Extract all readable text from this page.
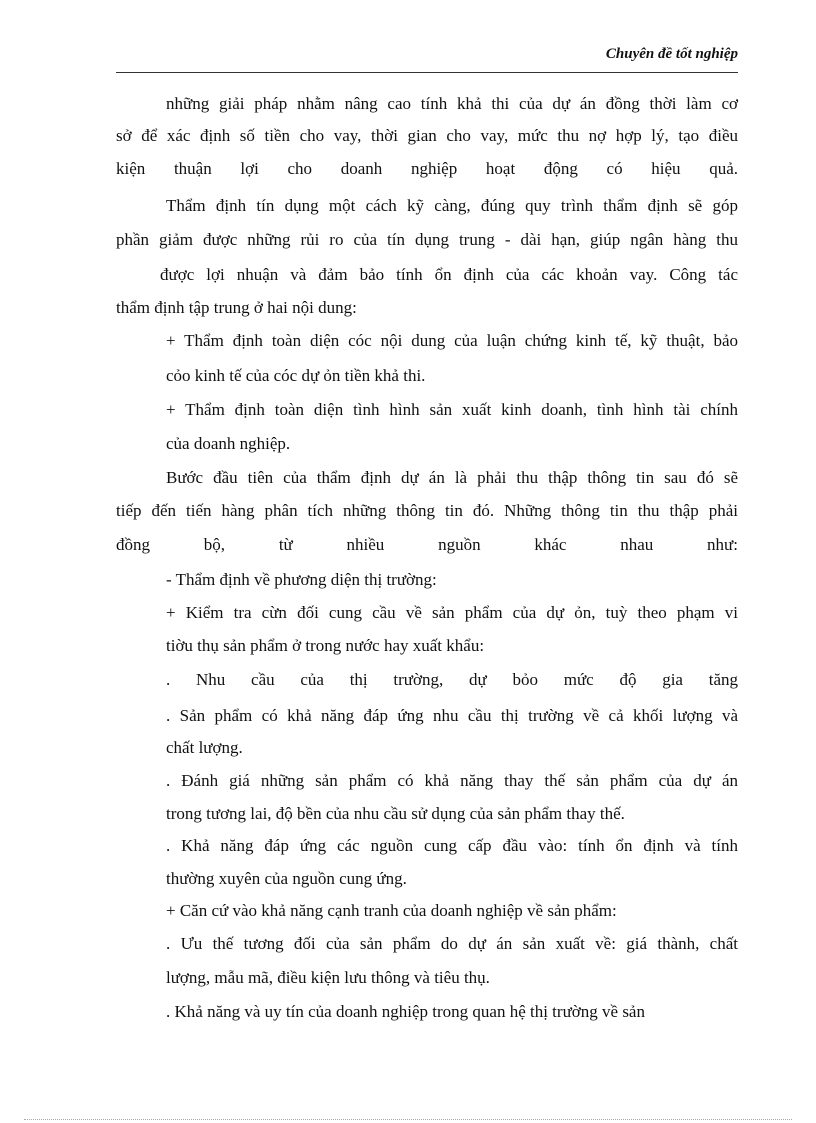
Chuyên đề tốt nghiệp
những giải pháp nhằm nâng cao tính khả thi của dự án đồng thời làm cơ
sở để xác định số tiền cho vay, thời gian cho vay, mức thu nợ hợp lý, tạo điều
kiện thuận lợi cho doanh nghiệp hoạt động có hiệu quả.
Thẩm định tín dụng một cách kỹ càng, đúng quy trình thẩm định sẽ góp
phần giảm được những rủi ro của tín dụng trung - dài hạn, giúp ngân hàng thu
được lợi nhuận và đảm bảo tính ổn định của các khoản vay. Công tác
thẩm định tập trung ở hai nội dung:
+ Thẩm định toàn diện cóc nội dung của luận chứng kinh tế, kỹ thuật, bảo
cỏo kinh tế của cóc dự ỏn tiền khả thi.
+ Thẩm định toàn diện tình hình sản xuất kinh doanh, tình hình tài chính
của doanh nghiệp.
Bước đầu tiên của thẩm định dự án là phải thu thập thông tin sau đó sẽ
tiếp đến tiến hàng phân tích những thông tin đó. Những thông tin thu thập phải
đồng bộ, từ nhiều nguồn khác nhau như:
- Thẩm định về phương diện thị trường:
+ Kiểm tra cừn đối cung cầu về sản phẩm của dự ỏn, tuỳ theo phạm vi
tiờu thụ sản phẩm ở trong nước hay xuất khẩu:
. Nhu cầu của thị trường, dự bỏo mức độ gia tăng
. Sản phẩm có khả năng đáp ứng nhu cầu thị trường về cả khối lượng và
chất lượng.
. Đánh giá những sản phẩm có khả năng thay thế sản phẩm của dự án
trong tương lai, độ bền của nhu cầu sử dụng của sản phẩm thay thế.
. Khả năng đáp ứng các nguồn cung cấp đầu vào: tính ổn định và tính
thường xuyên của nguồn cung ứng.
+ Căn cứ vào khả năng cạnh tranh của doanh nghiệp về sản phẩm:
. Ưu thế tương đối của sản phẩm do dự án sản xuất về: giá thành, chất
lượng, mẫu mã, điều kiện lưu thông và tiêu thụ.
. Khả năng và uy tín của doanh nghiệp trong quan hệ thị trường về sản
